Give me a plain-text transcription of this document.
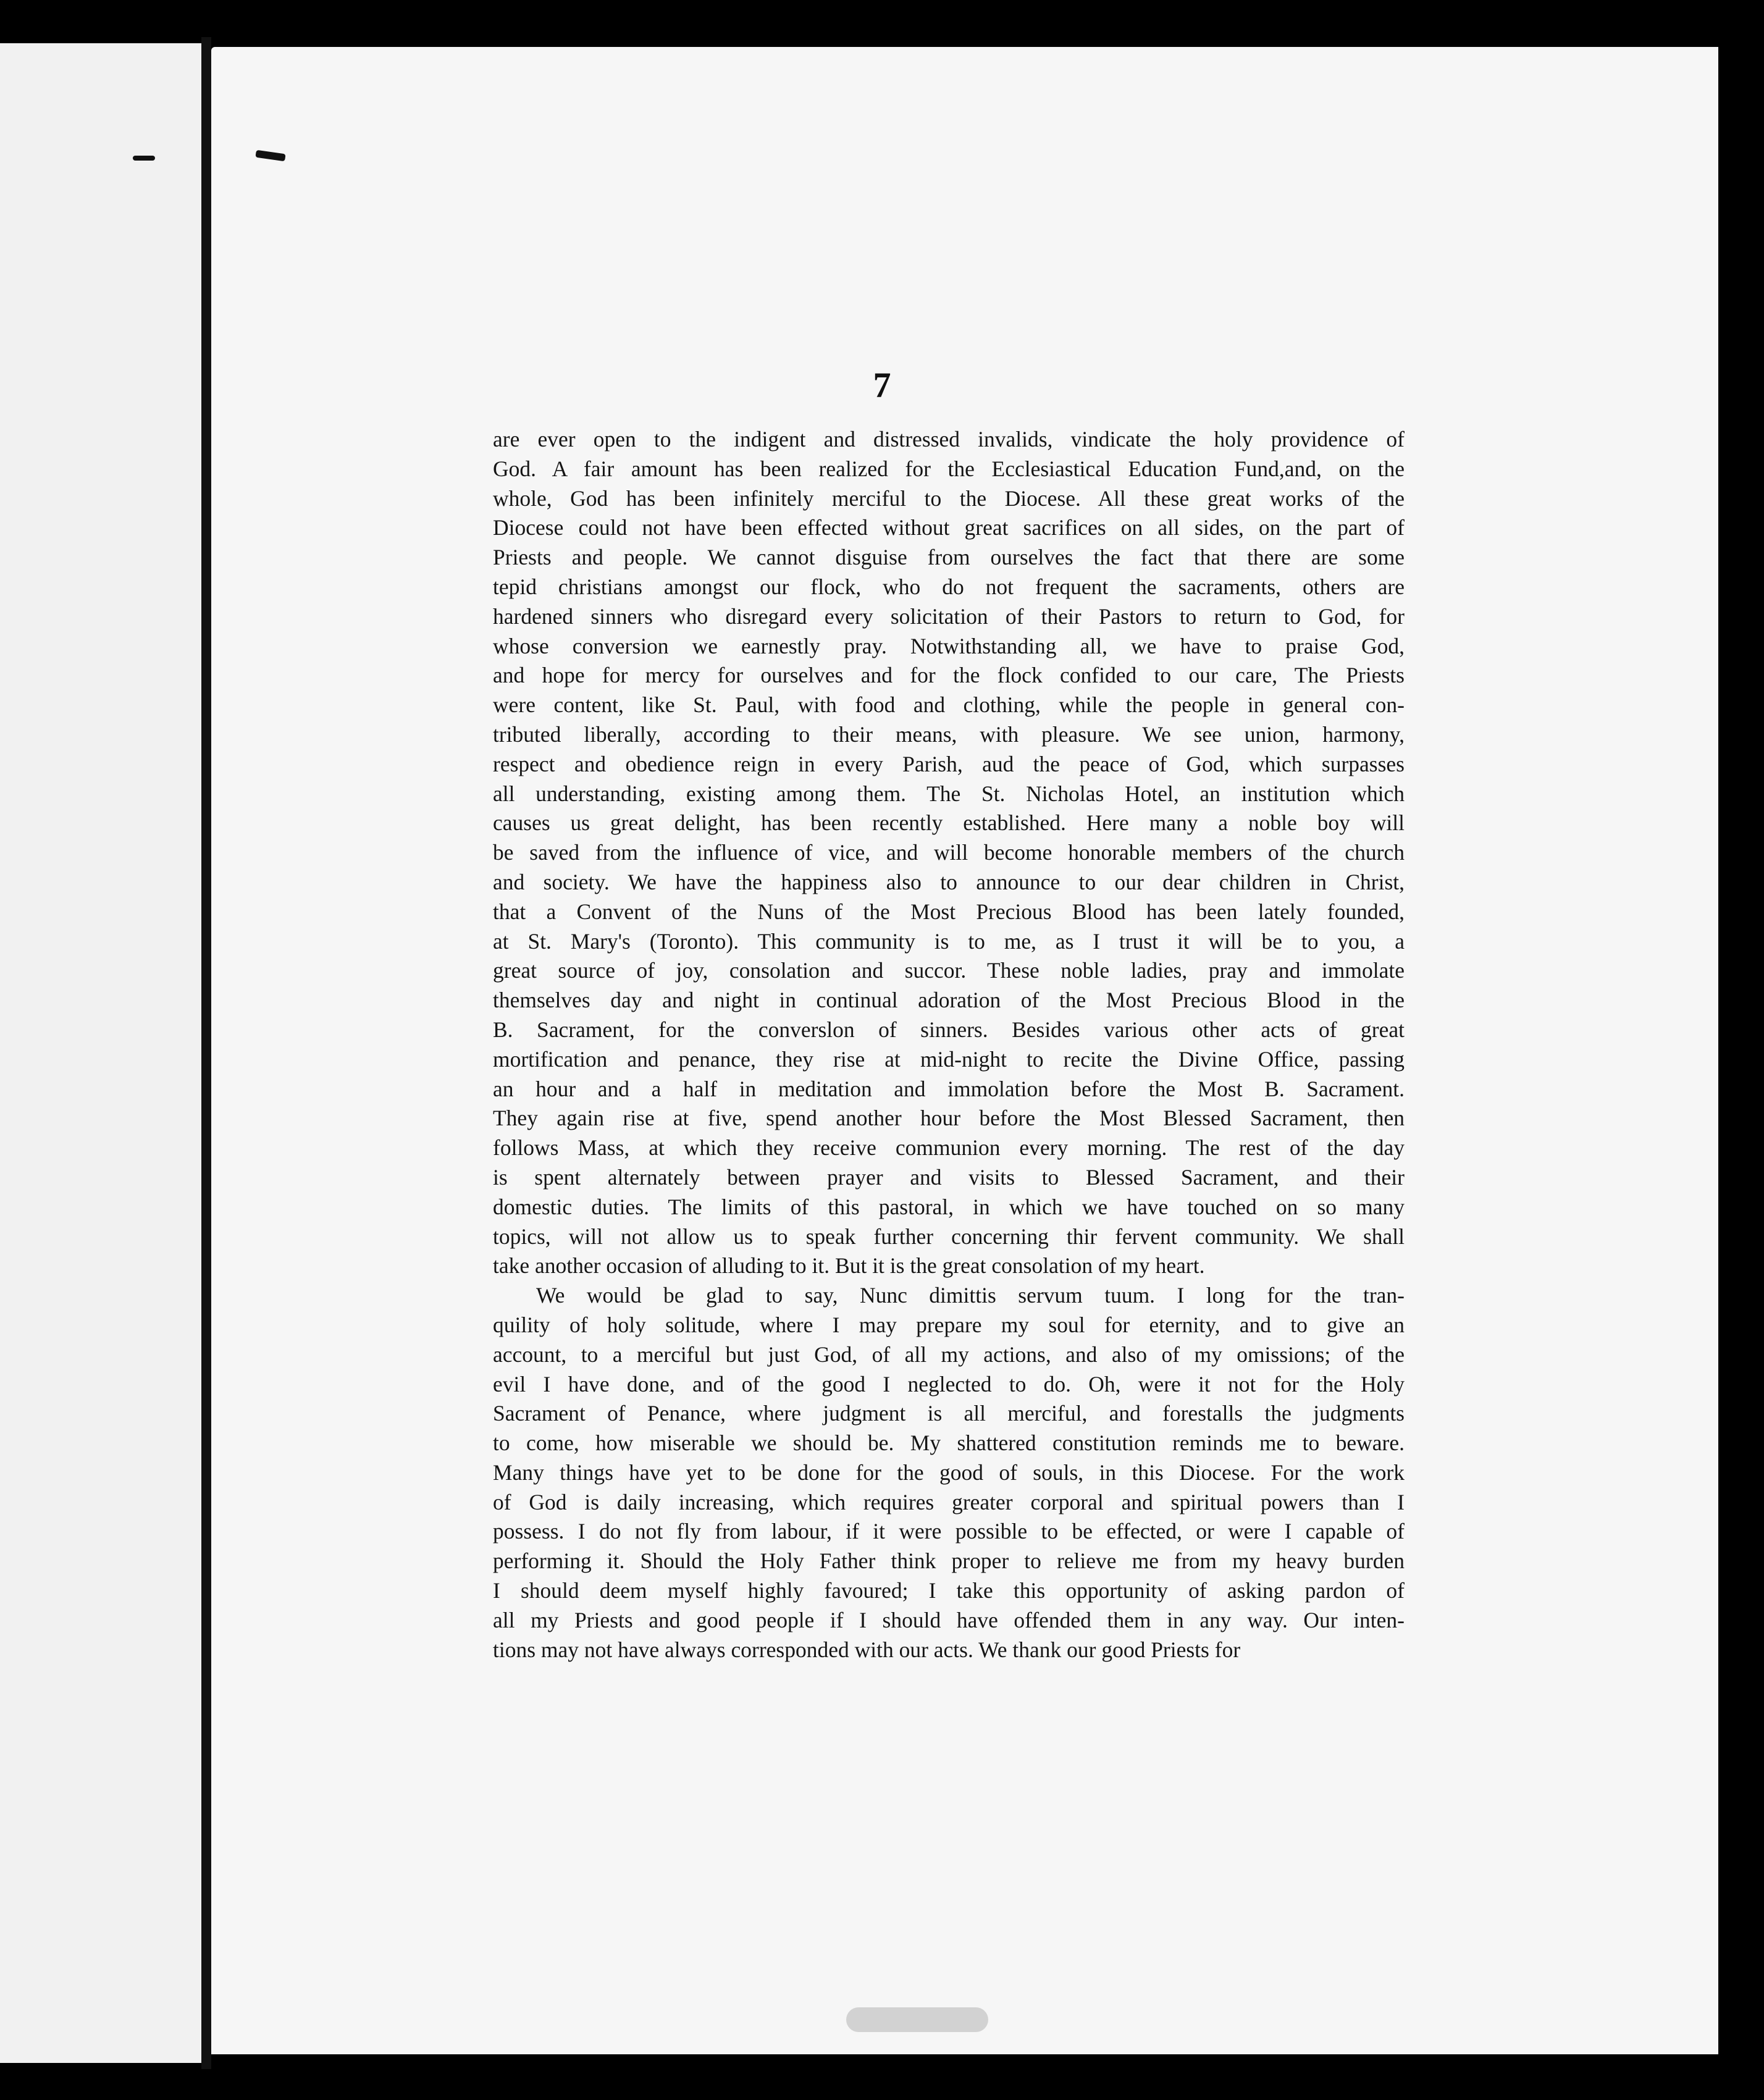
7
are ever open to the indigent and distressed invalids, vindicate the holy providence of
God. A fair amount has been realized for the Ecclesiastical Education Fund,and, on the
whole, God has been infinitely merciful to the Diocese. All these great works of the
Diocese could not have been effected without great sacrifices on all sides, on the part of
Priests and people. We cannot disguise from ourselves the fact that there are some
tepid christians amongst our flock, who do not frequent the sacraments, others are
hardened sinners who disregard every solicitation of their Pastors to return to God, for
whose conversion we earnestly pray. Notwithstanding all, we have to praise God,
and hope for mercy for ourselves and for the flock confided to our care, The Priests
were content, like St. Paul, with food and clothing, while the people in general con-
tributed liberally, according to their means, with pleasure. We see union, harmony,
respect and obedience reign in every Parish, aud the peace of God, which surpasses
all understanding, existing among them. The St. Nicholas Hotel, an institution which
causes us great delight, has been recently established. Here many a noble boy will
be saved from the influence of vice, and will become honorable members of the church
and society. We have the happiness also to announce to our dear children in Christ,
that a Convent of the Nuns of the Most Precious Blood has been lately founded,
at St. Mary's (Toronto). This community is to me, as I trust it will be to you, a
great source of joy, consolation and succor. These noble ladies, pray and immolate
themselves day and night in continual adoration of the Most Precious Blood in the
B. Sacrament, for the converslon of sinners. Besides various other acts of great
mortification and penance, they rise at mid-night to recite the Divine Office, passing
an hour and a half in meditation and immolation before the Most B. Sacrament.
They again rise at five, spend another hour before the Most Blessed Sacrament, then
follows Mass, at which they receive communion every morning. The rest of the day
is spent alternately between prayer and visits to Blessed Sacrament, and their
domestic duties. The limits of this pastoral, in which we have touched on so many
topics, will not allow us to speak further concerning thir fervent community. We shall
take another occasion of alluding to it. But it is the great consolation of my heart.
We would be glad to say, Nunc dimittis servum tuum. I long for the tran-
quility of holy solitude, where I may prepare my soul for eternity, and to give an
account, to a merciful but just God, of all my actions, and also of my omissions; of the
evil I have done, and of the good I neglected to do. Oh, were it not for the Holy
Sacrament of Penance, where judgment is all merciful, and forestalls the judgments
to come, how miserable we should be. My shattered constitution reminds me to beware.
Many things have yet to be done for the good of souls, in this Diocese. For the work
of God is daily increasing, which requires greater corporal and spiritual powers than I
possess. I do not fly from labour, if it were possible to be effected, or were I capable of
performing it. Should the Holy Father think proper to relieve me from my heavy burden
I should deem myself highly favoured; I take this opportunity of asking pardon of
all my Priests and good people if I should have offended them in any way. Our inten-
tions may not have always corresponded with our acts. We thank our good Priests for
